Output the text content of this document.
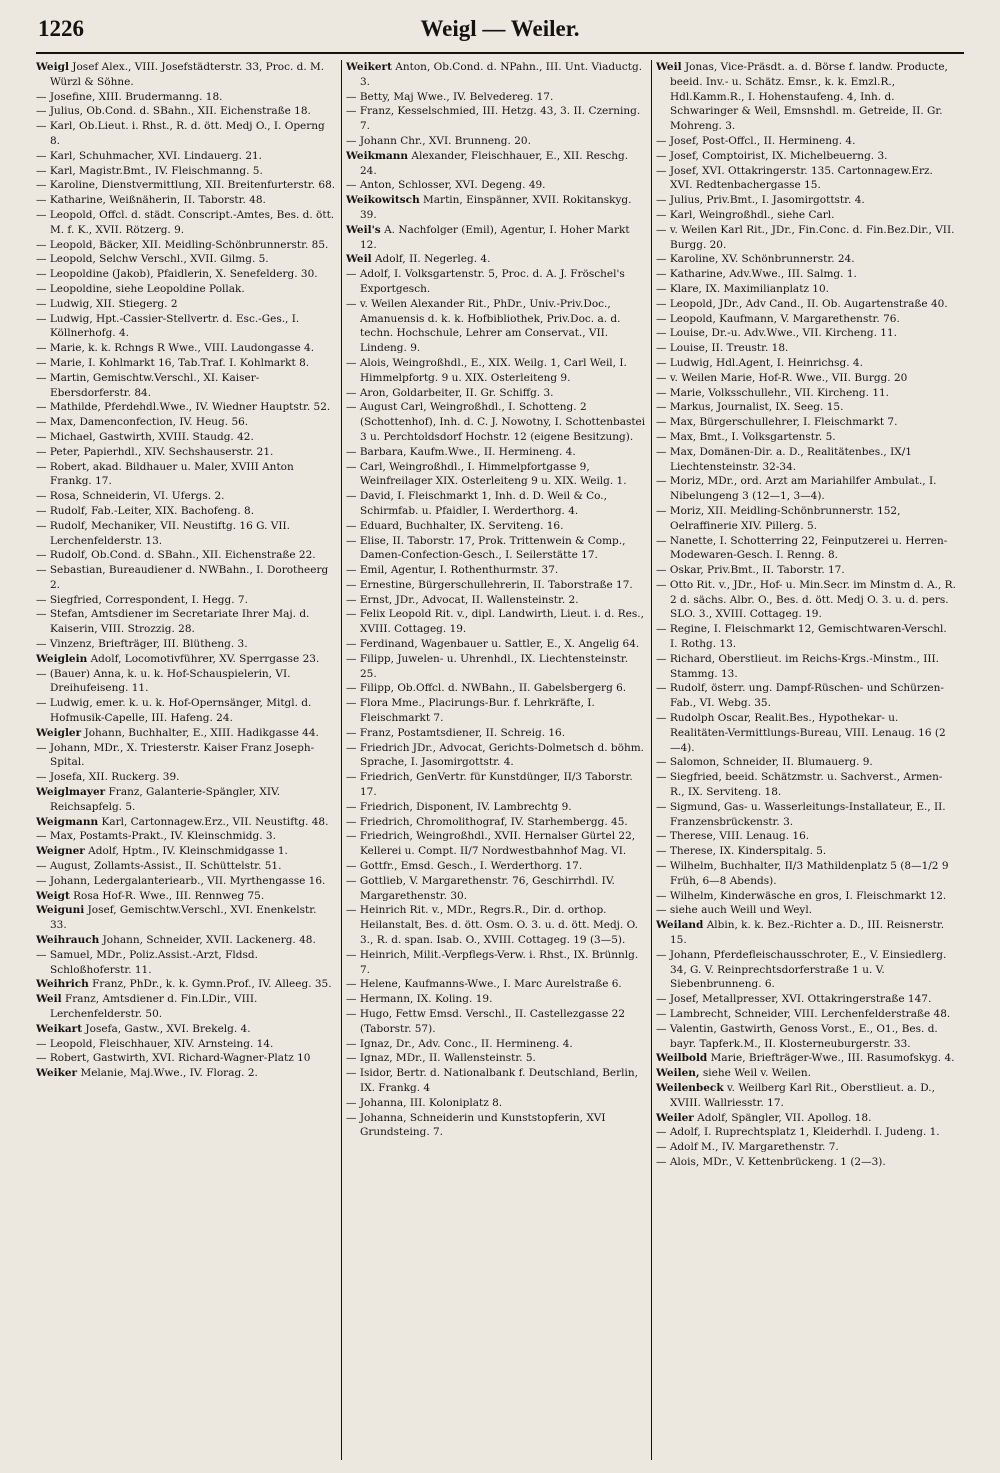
1226	Weigl — Weiler.

Weigl Josef Alex., VIII. Josefstädterstr. 33, Proc. d. M. Würzl & Söhne.

— Josefine, XIII. Brudermanng. 18.

— Julius, Ob.Cond. d. SBahn., XII. Eichenstraße 18.

— Karl, Ob.Lieut. i. Rhst., R. d. ött. Medj O., I. Operng 8.

— Karl, Schuhmacher, XVI. Lindauerg. 21.

— Karl, Magistr.Bmt., IV. Fleischmanng. 5.

— Karoline, Dienstvermittlung, XII. Breitenfurterstr. 68.

— Katharine, Weißnäherin, II. Taborstr. 48.

— Leopold, Offcl. d. städt. Conscript.-Amtes, Bes. d. ött. M. f. K., XVII. Rötzerg. 9.

— Leopold, Bäcker, XII. Meidling-Schönbrunnerstr. 85.

— Leopold, Selchw Verschl., XVII. Gilmg. 5.

— Leopoldine (Jakob), Pfaidlerin, X. Senefelderg. 30.

— Leopoldine, siehe Leopoldine Pollak.

— Ludwig, XII. Stiegerg. 2

— Ludwig, Hpt.-Cassier-Stellvertr. d. Esc.-Ges., I. Köllnerhofg. 4.

— Marie, k. k. Rchngs R Wwe., VIII. Laudongasse 4.

— Marie, I. Kohlmarkt 16, Tab.Traf. I. Kohlmarkt 8.

— Martin, Gemischtw.Verschl., XI. Kaiser-Ebersdorferstr. 84.

— Mathilde, Pferdehdl.Wwe., IV. Wiedner Hauptstr. 52.

— Max, Damenconfection, IV. Heug. 56.

— Michael, Gastwirth, XVIII. Staudg. 42.

— Peter, Papierhdl., XIV. Sechshauserstr. 21.

— Robert, akad. Bildhauer u. Maler, XVIII Anton Frankg. 17.

— Rosa, Schneiderin, VI. Ufergs. 2.

— Rudolf, Fab.-Leiter, XIX. Bachofeng. 8.

— Rudolf, Mechaniker, VII. Neustiftg. 16 G. VII. Lerchenfelderstr. 13.

— Rudolf, Ob.Cond. d. SBahn., XII. Eichenstraße 22.

— Sebastian, Bureaudiener d. NWBahn., I. Dorotheerg 2.

— Siegfried, Correspondent, I. Hegg. 7.

— Stefan, Amtsdiener im Secretariate Ihrer Maj. d. Kaiserin, VIII. Strozzig. 28.

— Vinzenz, Briefträger, III. Blütheng. 3.

Weiglein Adolf, Locomotivführer, XV. Sperrgasse 23.

— (Bauer) Anna, k. u. k. Hof-Schauspielerin, VI. Dreihufeiseng. 11.

— Ludwig, emer. k. u. k. Hof-Opernsänger, Mitgl. d. Hofmusik-Capelle, III. Hafeng. 24.

Weigler Johann, Buchhalter, E., XIII. Hadikgasse 44.

— Johann, MDr., X. Triesterstr. Kaiser Franz Joseph-Spital.

— Josefa, XII. Ruckerg. 39.

Weiglmayer Franz, Galanterie-Spängler, XIV. Reichsapfelg. 5.

Weigmann Karl, Cartonnagew.Erz., VII. Neustiftg. 48.

— Max, Postamts-Prakt., IV. Kleinschmidg. 3.

Weigner Adolf, Hptm., IV. Kleinschmidgasse 1.

— August, Zollamts-Assist., II. Schüttelstr. 51.

— Johann, Ledergalanteriearb., VII. Myrthengasse 16.

Weigt Rosa Hof-R. Wwe., III. Rennweg 75.

Weiguni Josef, Gemischtw.Verschl., XVI. Enenkelstr. 33.

Weihrauch Johann, Schneider, XVII. Lackenerg. 48.

— Samuel, MDr., Poliz.Assist.-Arzt, Fldsd. Schloßhoferstr. 11.

Weihrich Franz, PhDr., k. k. Gymn.Prof., IV. Alleeg. 35.

Weil Franz, Amtsdiener d. Fin.LDir., VIII. Lerchenfelderstr. 50.

Weikart Josefa, Gastw., XVI. Brekelg. 4.

— Leopold, Fleischhauer, XIV. Arnsteing. 14.

— Robert, Gastwirth, XVI. Richard-Wagner-Platz 10

Weiker Melanie, Maj.Wwe., IV. Florag. 2.

Weikert Anton, Ob.Cond. d. NPahn., III. Unt. Viaductg. 3.

— Betty, Maj Wwe., IV. Belvedereg. 17.

— Franz, Kesselschmied, III. Hetzg. 43, 3. II. Czerning. 7.

— Johann Chr., XVI. Brunneng. 20.

Weikmann Alexander, Fleischhauer, E., XII. Reschg. 24.

— Anton, Schlosser, XVI. Degeng. 49.

Weikowitsch Martin, Einspänner, XVII. Rokitanskyg. 39.

Weil's A. Nachfolger (Emil), Agentur, I. Hoher Markt 12.

Weil Adolf, II. Negerleg. 4.

— Adolf, I. Volksgartenstr. 5, Proc. d. A. J. Fröschel's Exportgesch.

— v. Weilen Alexander Rit., PhDr., Univ.-Priv.Doc., Amanuensis d. k. k. Hofbibliothek, Priv.Doc. a. d. techn. Hochschule, Lehrer am Conservat., VII. Lindeng. 9.

— Alois, Weingroßhdl., E., XIX. Weilg. 1, Carl Weil, I. Himmelpfortg. 9 u. XIX. Osterleiteng 9.

— Aron, Goldarbeiter, II. Gr. Schiffg. 3.

— August Carl, Weingroßhdl., I. Schotteng. 2 (Schottenhof), Inh. d. C. J. Nowotny, I. Schottenbastei 3 u. Perchtoldsdorf Hochstr. 12 (eigene Besitzung).

— Barbara, Kaufm.Wwe., II. Hermineng. 4.

— Carl, Weingroßhdl., I. Himmelpfortgasse 9, Weinfreilager XIX. Osterleiteng 9 u. XIX. Weilg. 1.

— David, I. Fleischmarkt 1, Inh. d. D. Weil & Co., Schirmfab. u. Pfaidler, I. Werderthorg. 4.

— Eduard, Buchhalter, IX. Serviteng. 16.

— Elise, II. Taborstr. 17, Prok. Trittenwein & Comp., Damen-Confection-Gesch., I. Seilerstätte 17.

— Emil, Agentur, I. Rothenthurmstr. 37.

— Ernestine, Bürgerschullehrerin, II. Taborstraße 17.

— Ernst, JDr., Advocat, II. Wallensteinstr. 2.

— Felix Leopold Rit. v., dipl. Landwirth, Lieut. i. d. Res., XVIII. Cottageg. 19.

— Ferdinand, Wagenbauer u. Sattler, E., X. Angelig 64.

— Filipp, Juwelen- u. Uhrenhdl., IX. Liechtensteinstr. 25.

— Filipp, Ob.Offcl. d. NWBahn., II. Gabelsbergerg 6.

— Flora Mme., Placirungs-Bur. f. Lehrkräfte, I. Fleischmarkt 7.

— Franz, Postamtsdiener, II. Schreig. 16.

— Friedrich JDr., Advocat, Gerichts-Dolmetsch d. böhm. Sprache, I. Jasomirgottstr. 4.

— Friedrich, GenVertr. für Kunstdünger, II/3 Taborstr. 17.

— Friedrich, Disponent, IV. Lambrechtg 9.

— Friedrich, Chromolithograf, IV. Starhembergg. 45.

— Friedrich, Weingroßhdl., XVII. Hernalser Gürtel 22, Kellerei u. Compt. II/7 Nordwestbahnhof Mag. VI.

— Gottfr., Emsd. Gesch., I. Werderthorg. 17.

— Gottlieb, V. Margarethenstr. 76, Geschirrhdl. IV. Margarethenstr. 30.

— Heinrich Rit. v., MDr., Regrs.R., Dir. d. orthop. Heilanstalt, Bes. d. ött. Osm. O. 3. u. d. ött. Medj. O. 3., R. d. span. Isab. O., XVIII. Cottageg. 19 (3—5).

— Heinrich, Milit.-Verpflegs-Verw. i. Rhst., IX. Brünnlg. 7.

— Helene, Kaufmanns-Wwe., I. Marc Aurelstraße 6.

— Hermann, IX. Koling. 19.

— Hugo, Fettw Emsd. Verschl., II. Castellezgasse 22 (Taborstr. 57).

— Ignaz, Dr., Adv. Conc., II. Hermineng. 4.

— Ignaz, MDr., II. Wallensteinstr. 5.

— Isidor, Bertr. d. Nationalbank f. Deutschland, Berlin, IX. Frankg. 4

— Johanna, III. Koloniplatz 8.

— Johanna, Schneiderin und Kunststopferin, XVI Grundsteing. 7.

Weil Jonas, Vice-Präsdt. a. d. Börse f. landw. Producte, beeid. Inv.- u. Schätz. Emsr., k. k. Emzl.R., Hdl.Kamm.R., I. Hohenstaufeng. 4, Inh. d. Schwaringer & Weil, Emsnshdl. m. Getreide, II. Gr. Mohreng. 3.

— Josef, Post-Offcl., II. Hermineng. 4.

— Josef, Comptoirist, IX. Michelbeuerng. 3.

— Josef, XVI. Ottakringerstr. 135. Cartonnagew.Erz. XVI. Redtenbachergasse 15.

— Julius, Priv.Bmt., I. Jasomirgottstr. 4.

— Karl, Weingroßhdl., siehe Carl.

— v. Weilen Karl Rit., JDr., Fin.Conc. d. Fin.Bez.Dir., VII. Burgg. 20.

— Karoline, XV. Schönbrunnerstr. 24.

— Katharine, Adv.Wwe., III. Salmg. 1.

— Klare, IX. Maximilianplatz 10.

— Leopold, JDr., Adv Cand., II. Ob. Augartenstraße 40.

— Leopold, Kaufmann, V. Margarethenstr. 76.

— Louise, Dr.-u. Adv.Wwe., VII. Kircheng. 11.

— Louise, II. Treustr. 18.

— Ludwig, Hdl.Agent, I. Heinrichsg. 4.

— v. Weilen Marie, Hof-R. Wwe., VII. Burgg. 20

— Marie, Volksschullehr., VII. Kircheng. 11.

— Markus, Journalist, IX. Seeg. 15.

— Max, Bürgerschullehrer, I. Fleischmarkt 7.

— Max, Bmt., I. Volksgartenstr. 5.

— Max, Domänen-Dir. a. D., Realitätenbes., IX/1 Liechtensteinstr. 32-34.

— Moriz, MDr., ord. Arzt am Mariahilfer Ambulat., I. Nibelungeng 3 (12—1, 3—4).

— Moriz, XII. Meidling-Schönbrunnerstr. 152, Oelraffinerie XIV. Pillerg. 5.

— Nanette, I. Schotterring 22, Feinputzerei u. Herren-Modewaren-Gesch. I. Renng. 8.

— Oskar, Priv.Bmt., II. Taborstr. 17.

— Otto Rit. v., JDr., Hof- u. Min.Secr. im Minstm d. A., R. 2 d. sächs. Albr. O., Bes. d. ött. Medj O. 3. u. d. pers. SLO. 3., XVIII. Cottageg. 19.

— Regine, I. Fleischmarkt 12, Gemischtwaren-Verschl. I. Rothg. 13.

— Richard, Oberstlieut. im Reichs-Krgs.-Minstm., III. Stammg. 13.

— Rudolf, österr. ung. Dampf-Rüschen- und Schürzen-Fab., VI. Webg. 35.

— Rudolph Oscar, Realit.Bes., Hypothekar- u. Realitäten-Vermittlungs-Bureau, VIII. Lenaug. 16 (2—4).

— Salomon, Schneider, II. Blumauerg. 9.

— Siegfried, beeid. Schätzmstr. u. Sachverst., Armen-R., IX. Serviteng. 18.

— Sigmund, Gas- u. Wasserleitungs-Installateur, E., II. Franzensbrückenstr. 3.

— Therese, VIII. Lenaug. 16.

— Therese, IX. Kinderspitalg. 5.

— Wilhelm, Buchhalter, II/3 Mathildenplatz 5 (8—1/2 9 Früh, 6—8 Abends).

— Wilhelm, Kinderwäsche en gros, I. Fleischmarkt 12.

— siehe auch Weill und Weyl.

Weiland Albin, k. k. Bez.-Richter a. D., III. Reisnerstr. 15.

— Johann, Pferdefleischausschroter, E., V. Einsiedlerg. 34, G. V. Reinprechtsdorferstraße 1 u. V. Siebenbrunneng. 6.

— Josef, Metallpresser, XVI. Ottakringerstraße 147.

— Lambrecht, Schneider, VIII. Lerchenfelderstraße 48.

— Valentin, Gastwirth, Genoss Vorst., E., O1., Bes. d. bayr. Tapferk.M., II. Klosterneuburgerstr. 33.

Weilbold Marie, Briefträger-Wwe., III. Rasumofskyg. 4.

Weilen, siehe Weil v. Weilen.

Weilenbeck v. Weilberg Karl Rit., Oberstlieut. a. D., XVIII. Wallriesstr. 17.

Weiler Adolf, Spängler, VII. Apollog. 18.

— Adolf, I. Ruprechtsplatz 1, Kleiderhdl. I. Judeng. 1.

— Adolf M., IV. Margarethenstr. 7.

— Alois, MDr., V. Kettenbrückeng. 1 (2—3).
